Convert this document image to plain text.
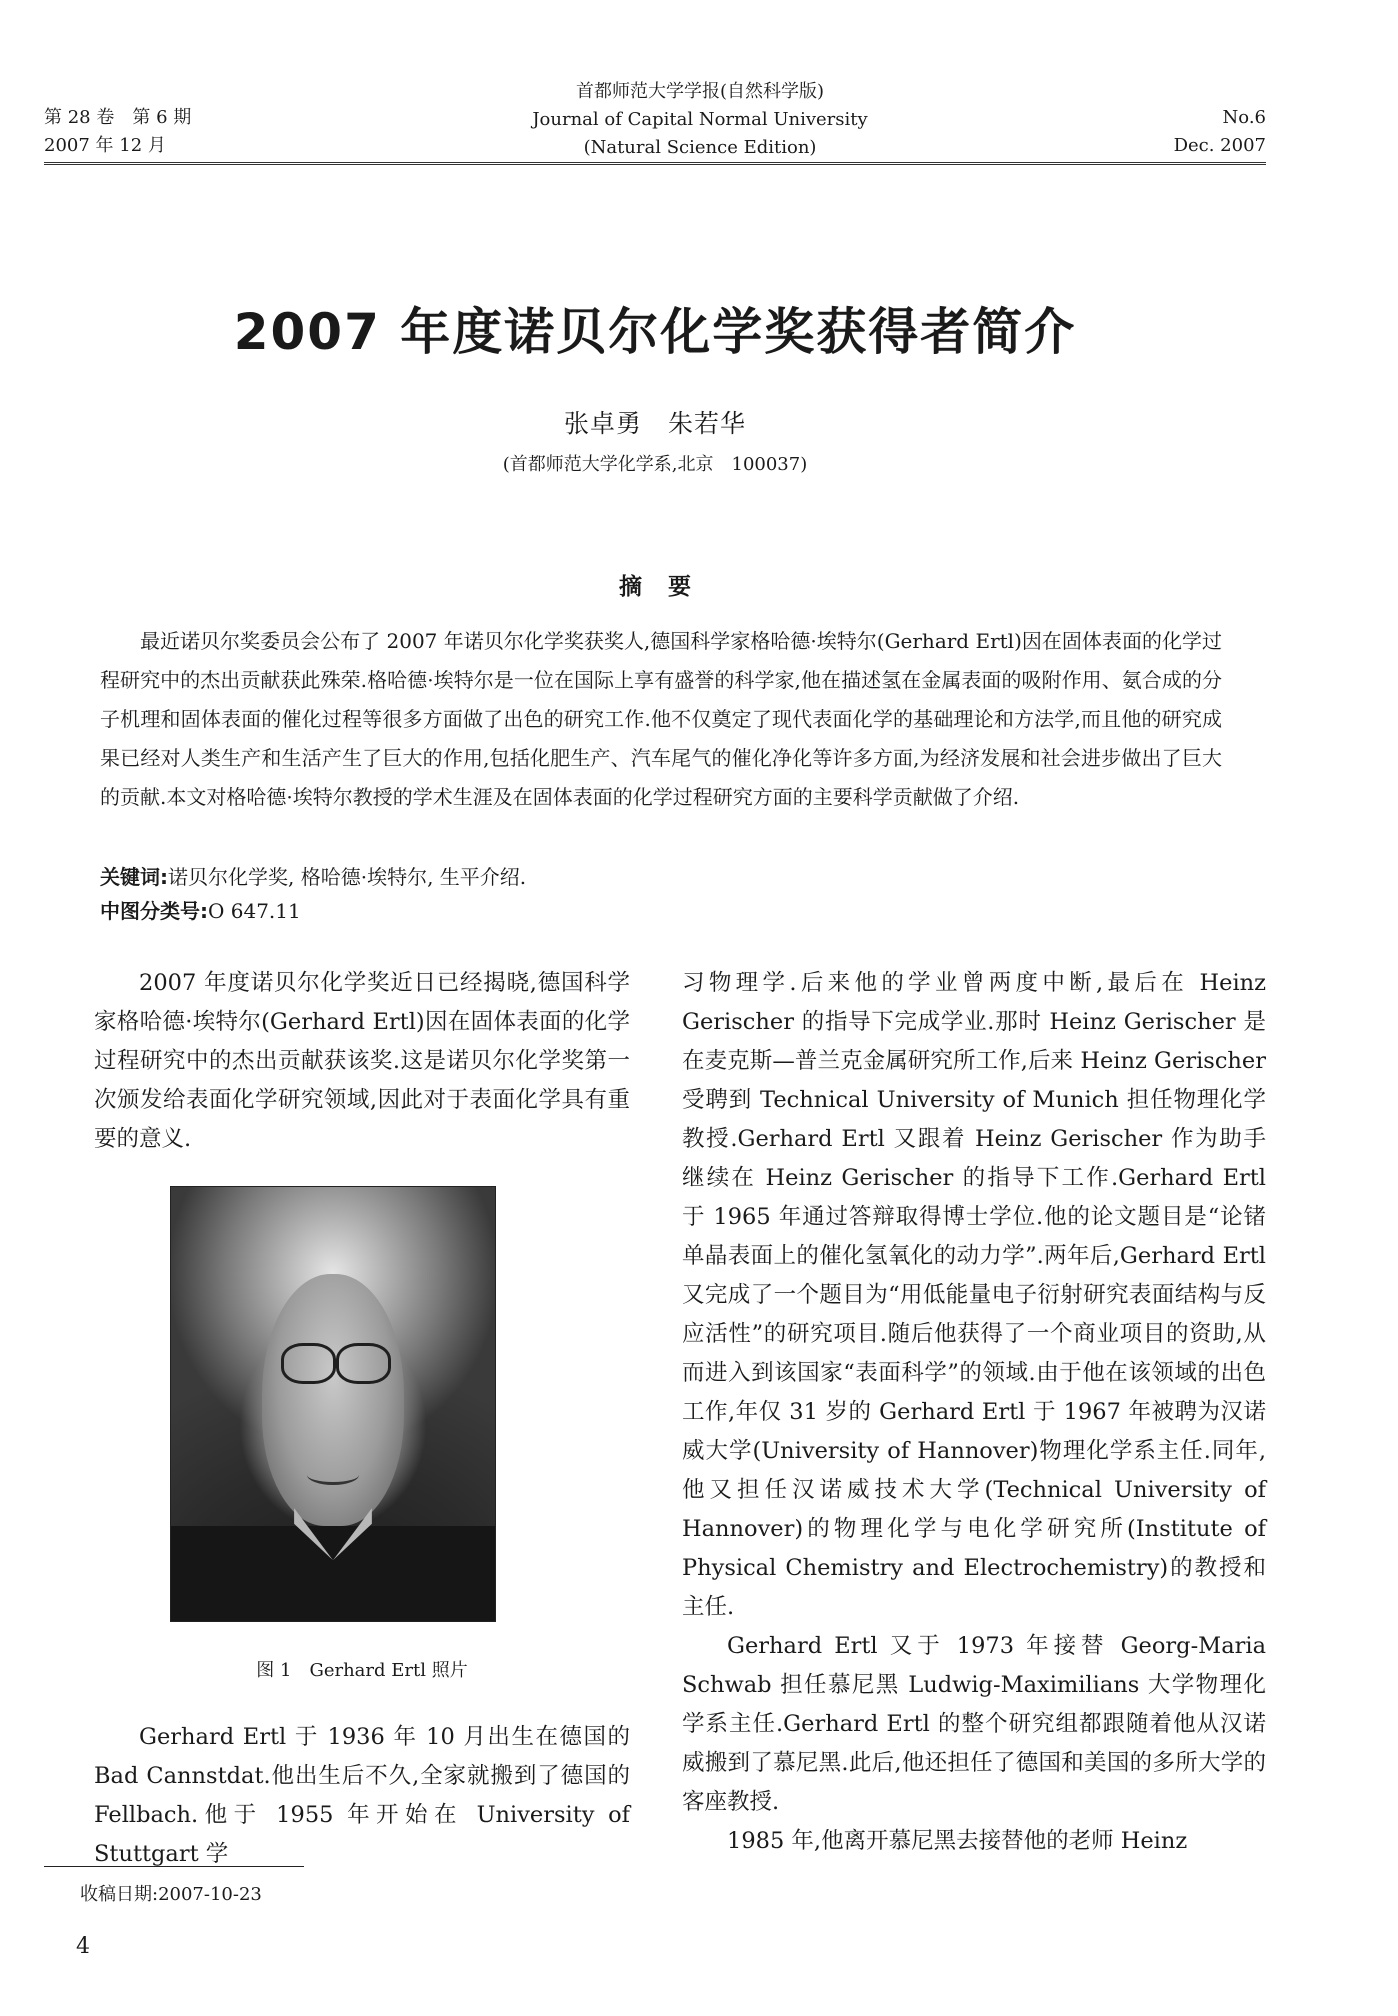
第 28 卷　第 6 期
2007 年 12 月
首都师范大学学报(自然科学版)
Journal of Capital Normal University
(Natural Science Edition)
No.6
Dec. 2007
2007 年度诺贝尔化学奖获得者简介
张卓勇　朱若华
(首都师范大学化学系,北京　100037)
摘要
最近诺贝尔奖委员会公布了 2007 年诺贝尔化学奖获奖人,德国科学家格哈德·埃特尔(Gerhard Ertl)因在固体表面的化学过程研究中的杰出贡献获此殊荣.格哈德·埃特尔是一位在国际上享有盛誉的科学家,他在描述氢在金属表面的吸附作用、氨合成的分子机理和固体表面的催化过程等很多方面做了出色的研究工作.他不仅奠定了现代表面化学的基础理论和方法学,而且他的研究成果已经对人类生产和生活产生了巨大的作用,包括化肥生产、汽车尾气的催化净化等许多方面,为经济发展和社会进步做出了巨大的贡献.本文对格哈德·埃特尔教授的学术生涯及在固体表面的化学过程研究方面的主要科学贡献做了介绍.
关键词:诺贝尔化学奖, 格哈德·埃特尔, 生平介绍.
中图分类号:O 647.11

2007 年度诺贝尔化学奖近日已经揭晓,德国科学家格哈德·埃特尔(Gerhard Ertl)因在固体表面的化学过程研究中的杰出贡献获该奖.这是诺贝尔化学奖第一次颁发给表面化学研究领域,因此对于表面化学具有重要的意义.

图 1　Gerhard Ertl 照片

Gerhard Ertl 于 1936 年 10 月出生在德国的 Bad Cannstdat.他出生后不久,全家就搬到了德国的 Fellbach.他于 1955 年开始在 University of Stuttgart 学

习物理学.后来他的学业曾两度中断,最后在 Heinz Gerischer 的指导下完成学业.那时 Heinz Gerischer 是在麦克斯—普兰克金属研究所工作,后来 Heinz Gerischer 受聘到 Technical University of Munich 担任物理化学教授.Gerhard Ertl 又跟着 Heinz Gerischer 作为助手继续在 Heinz Gerischer 的指导下工作.Gerhard Ertl 于 1965 年通过答辩取得博士学位.他的论文题目是“论锗单晶表面上的催化氢氧化的动力学”.两年后,Gerhard Ertl 又完成了一个题目为“用低能量电子衍射研究表面结构与反应活性”的研究项目.随后他获得了一个商业项目的资助,从而进入到该国家“表面科学”的领域.由于他在该领域的出色工作,年仅 31 岁的 Gerhard Ertl 于 1967 年被聘为汉诺威大学(University of Hannover)物理化学系主任.同年,他又担任汉诺威技术大学(Technical University of Hannover)的物理化学与电化学研究所(Institute of Physical Chemistry and Electrochemistry)的教授和主任.

Gerhard Ertl 又于 1973 年接替 Georg-Maria Schwab 担任慕尼黑 Ludwig-Maximilians 大学物理化学系主任.Gerhard Ertl 的整个研究组都跟随着他从汉诺威搬到了慕尼黑.此后,他还担任了德国和美国的多所大学的客座教授.

1985 年,他离开慕尼黑去接替他的老师 Heinz

收稿日期:2007-10-23
4
